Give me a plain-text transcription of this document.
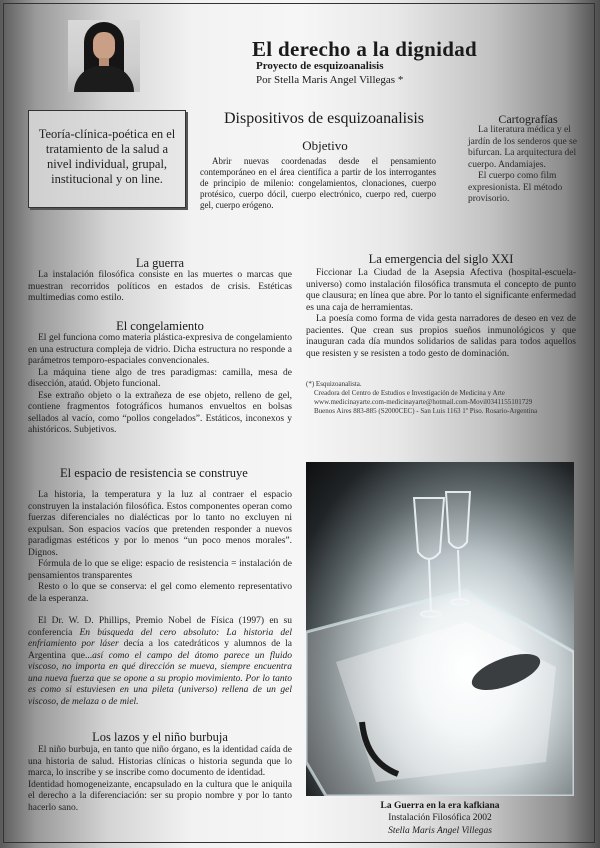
El derecho a la dignidad
Proyecto de esquizoanalisis
Por Stella Maris Angel Villegas *
Teoría-clínica-poética en el tratamiento de la salud a nivel individual, grupal, institucional y on line.
Dispositivos de esquizoanalisis
Objetivo

Abrir nuevas coordenadas desde el pensamiento contemporáneo en el área científica a partir de los interrogantes de principio de milenio: congelamientos, clonaciones, cuerpo protésico, cuerpo dócil, cuerpo electrónico, cuerpo red, cuerpo gel, cuerpo erógeno.

Cartografías

La literatura médica y el jardín de los senderos que se bifurcan. La arquitectura del cuerpo. Andamiajes.

El cuerpo como film expresionista. El método provisorio.

La guerra

La instalación filosófica consiste en las muertes o marcas que muestran recorridos políticos en estados de crisis. Estéticas multimedias como estilo.

El congelamiento

El gel funciona como materia plástica-expresiva de congelamiento en una estructura compleja de vidrio. Dicha estructura no responde a parámetros temporo-espaciales convencionales.

La máquina tiene algo de tres paradigmas: camilla, mesa de disección, ataúd. Objeto funcional.

Ese extraño objeto o la extrañeza de ese objeto, relleno de gel, contiene fragmentos fotográficos humanos envueltos en bolsas sellados al vacío, como “pollos congelados”. Estáticos, inconexos y ahistóricos. Subjetivos.

El espacio de resistencia se construye

La historia, la temperatura y la luz al contraer el espacio construyen la instalación filosófica. Estos componentes operan como fuerzas diferenciales no dialécticas por lo tanto no excluyen ni expulsan. Son espacios vacíos que pretenden responder a nuevos paradigmas estéticos y por lo menos “un poco menos morales”. Dignos.

Fórmula de lo que se elige: espacio de resistencia = instalación de pensamientos transparentes

Resto o lo que se conserva: el gel como elemento representativo de la esperanza.

El Dr. W. D. Phillips, Premio Nobel de Física (1997) en su conferencia En búsqueda del cero absoluto: La historia del enfriamiento por láser decía a los catedráticos y alumnos de la Argentina que...así como el campo del átomo parece un fluido viscoso, no importa en qué dirección se mueva, siempre encuentra una nueva fuerza que se opone a su propio movimiento. Por lo tanto es como si estuviesen en una pileta (universo) rellena de un gel viscoso, de melaza o de miel.

Los lazos y el niño burbuja

El niño burbuja, en tanto que niño órgano, es la identidad caída de una historia de salud. Historias clínicas o historia segunda que lo marca, lo inscribe y se inscribe como documento de identidad.

Identidad homogeneizante, encapsulado en la cultura que le aniquila el derecho a la diferenciación: ser su propio nombre y por lo tanto hacerlo sano.

La emergencia del siglo XXI

Ficcionar La Ciudad de la Asepsia Afectiva (hospital-escuela-universo) como instalación filosófica transmuta el concepto de punto que clausura; en línea que abre. Por lo tanto el significante enfermedad es una caja de herramientas.

La poesía como forma de vida gesta narradores de deseo en vez de pacientes. Que crean sus propios sueños inmunológicos y que inauguran cada día mundos solidarios de salidas para todos aquellos que resisten y se resisten a todo gesto de dominación.

(*) Esquizoanalista.

Creadora del Centro de Estudios e Investigación de Medicina y Arte

www.medicinayarte.com-medicinayarte@hotmail.com-Movil0341155101729

Buenos Aires 883-885 (S2000CEC) - San Luis 1163 1º Piso. Rosario-Argentina

La Guerra en la era kafkiana
Instalación Filosófica 2002
Stella Maris Angel Villegas
